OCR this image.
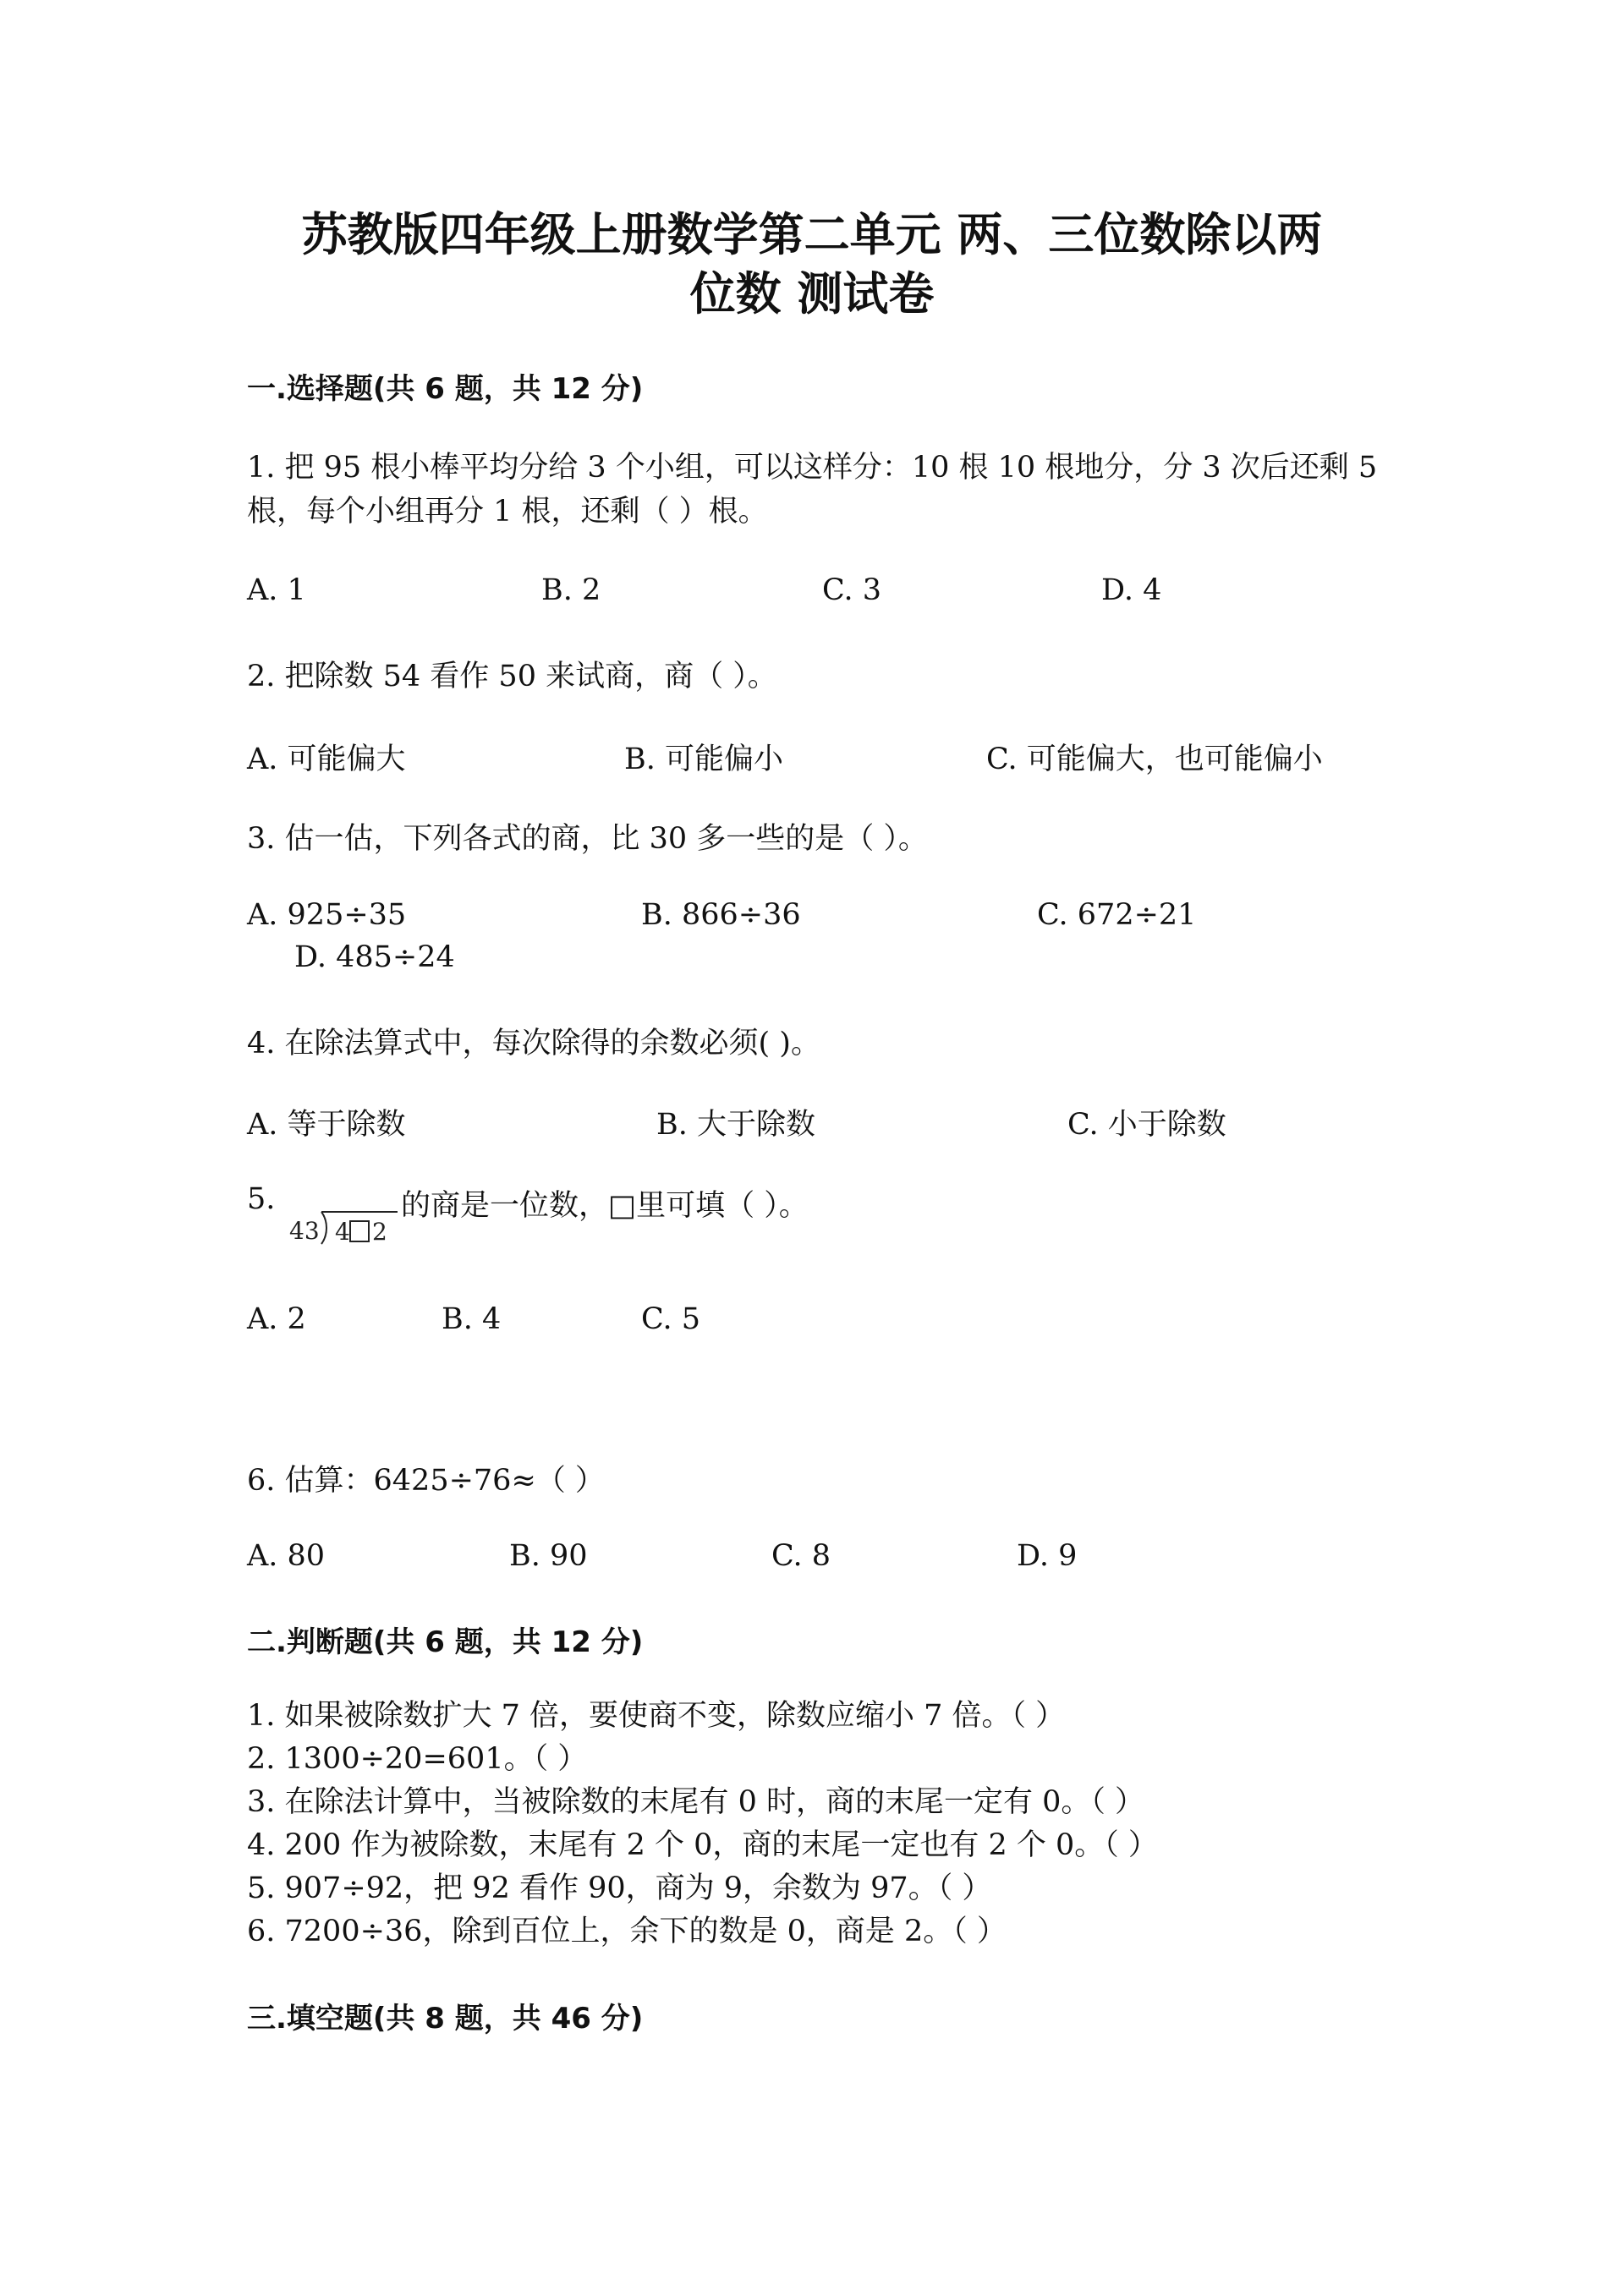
苏教版四年级上册数学第二单元 两、三位数除以两
位数 测试卷
一.选择题(共 6 题，共 12 分)

1. 把 95 根小棒平均分给 3 个小组，可以这样分：10 根 10 根地分，分 3 次后还剩 5 根，每个小组再分 1 根，还剩（ ）根。

A. 1	B. 2	C. 3	D. 4

2. 把除数 54 看作 50 来试商，商（ ）。

A. 可能偏大	B. 可能偏小	C. 可能偏大，也可能偏小

3. 估一估，下列各式的商，比 30 多一些的是（ ）。

A. 925÷35	B. 866÷36	C. 672÷21
D. 485÷24

4. 在除法算式中，每次除得的余数必须( )。

A. 等于除数	B. 大于除数	C. 小于除数
5.
43 4 2
的商是一位数，□里可填（ ）。
A. 2	B. 4	C. 5

6. 估算：6425÷76≈（ ）

A. 80	B. 90	C. 8	D. 9
二.判断题(共 6 题，共 12 分)
1. 如果被除数扩大 7 倍，要使商不变，除数应缩小 7 倍。（ ）
2. 1300÷20=601。（ ）
3. 在除法计算中，当被除数的末尾有 0 时，商的末尾一定有 0。（ ）
4. 200 作为被除数，末尾有 2 个 0，商的末尾一定也有 2 个 0。（ ）
5. 907÷92，把 92 看作 90，商为 9，余数为 97。（ ）
6. 7200÷36，除到百位上，余下的数是 0，商是 2。（ ）
三.填空题(共 8 题，共 46 分)
